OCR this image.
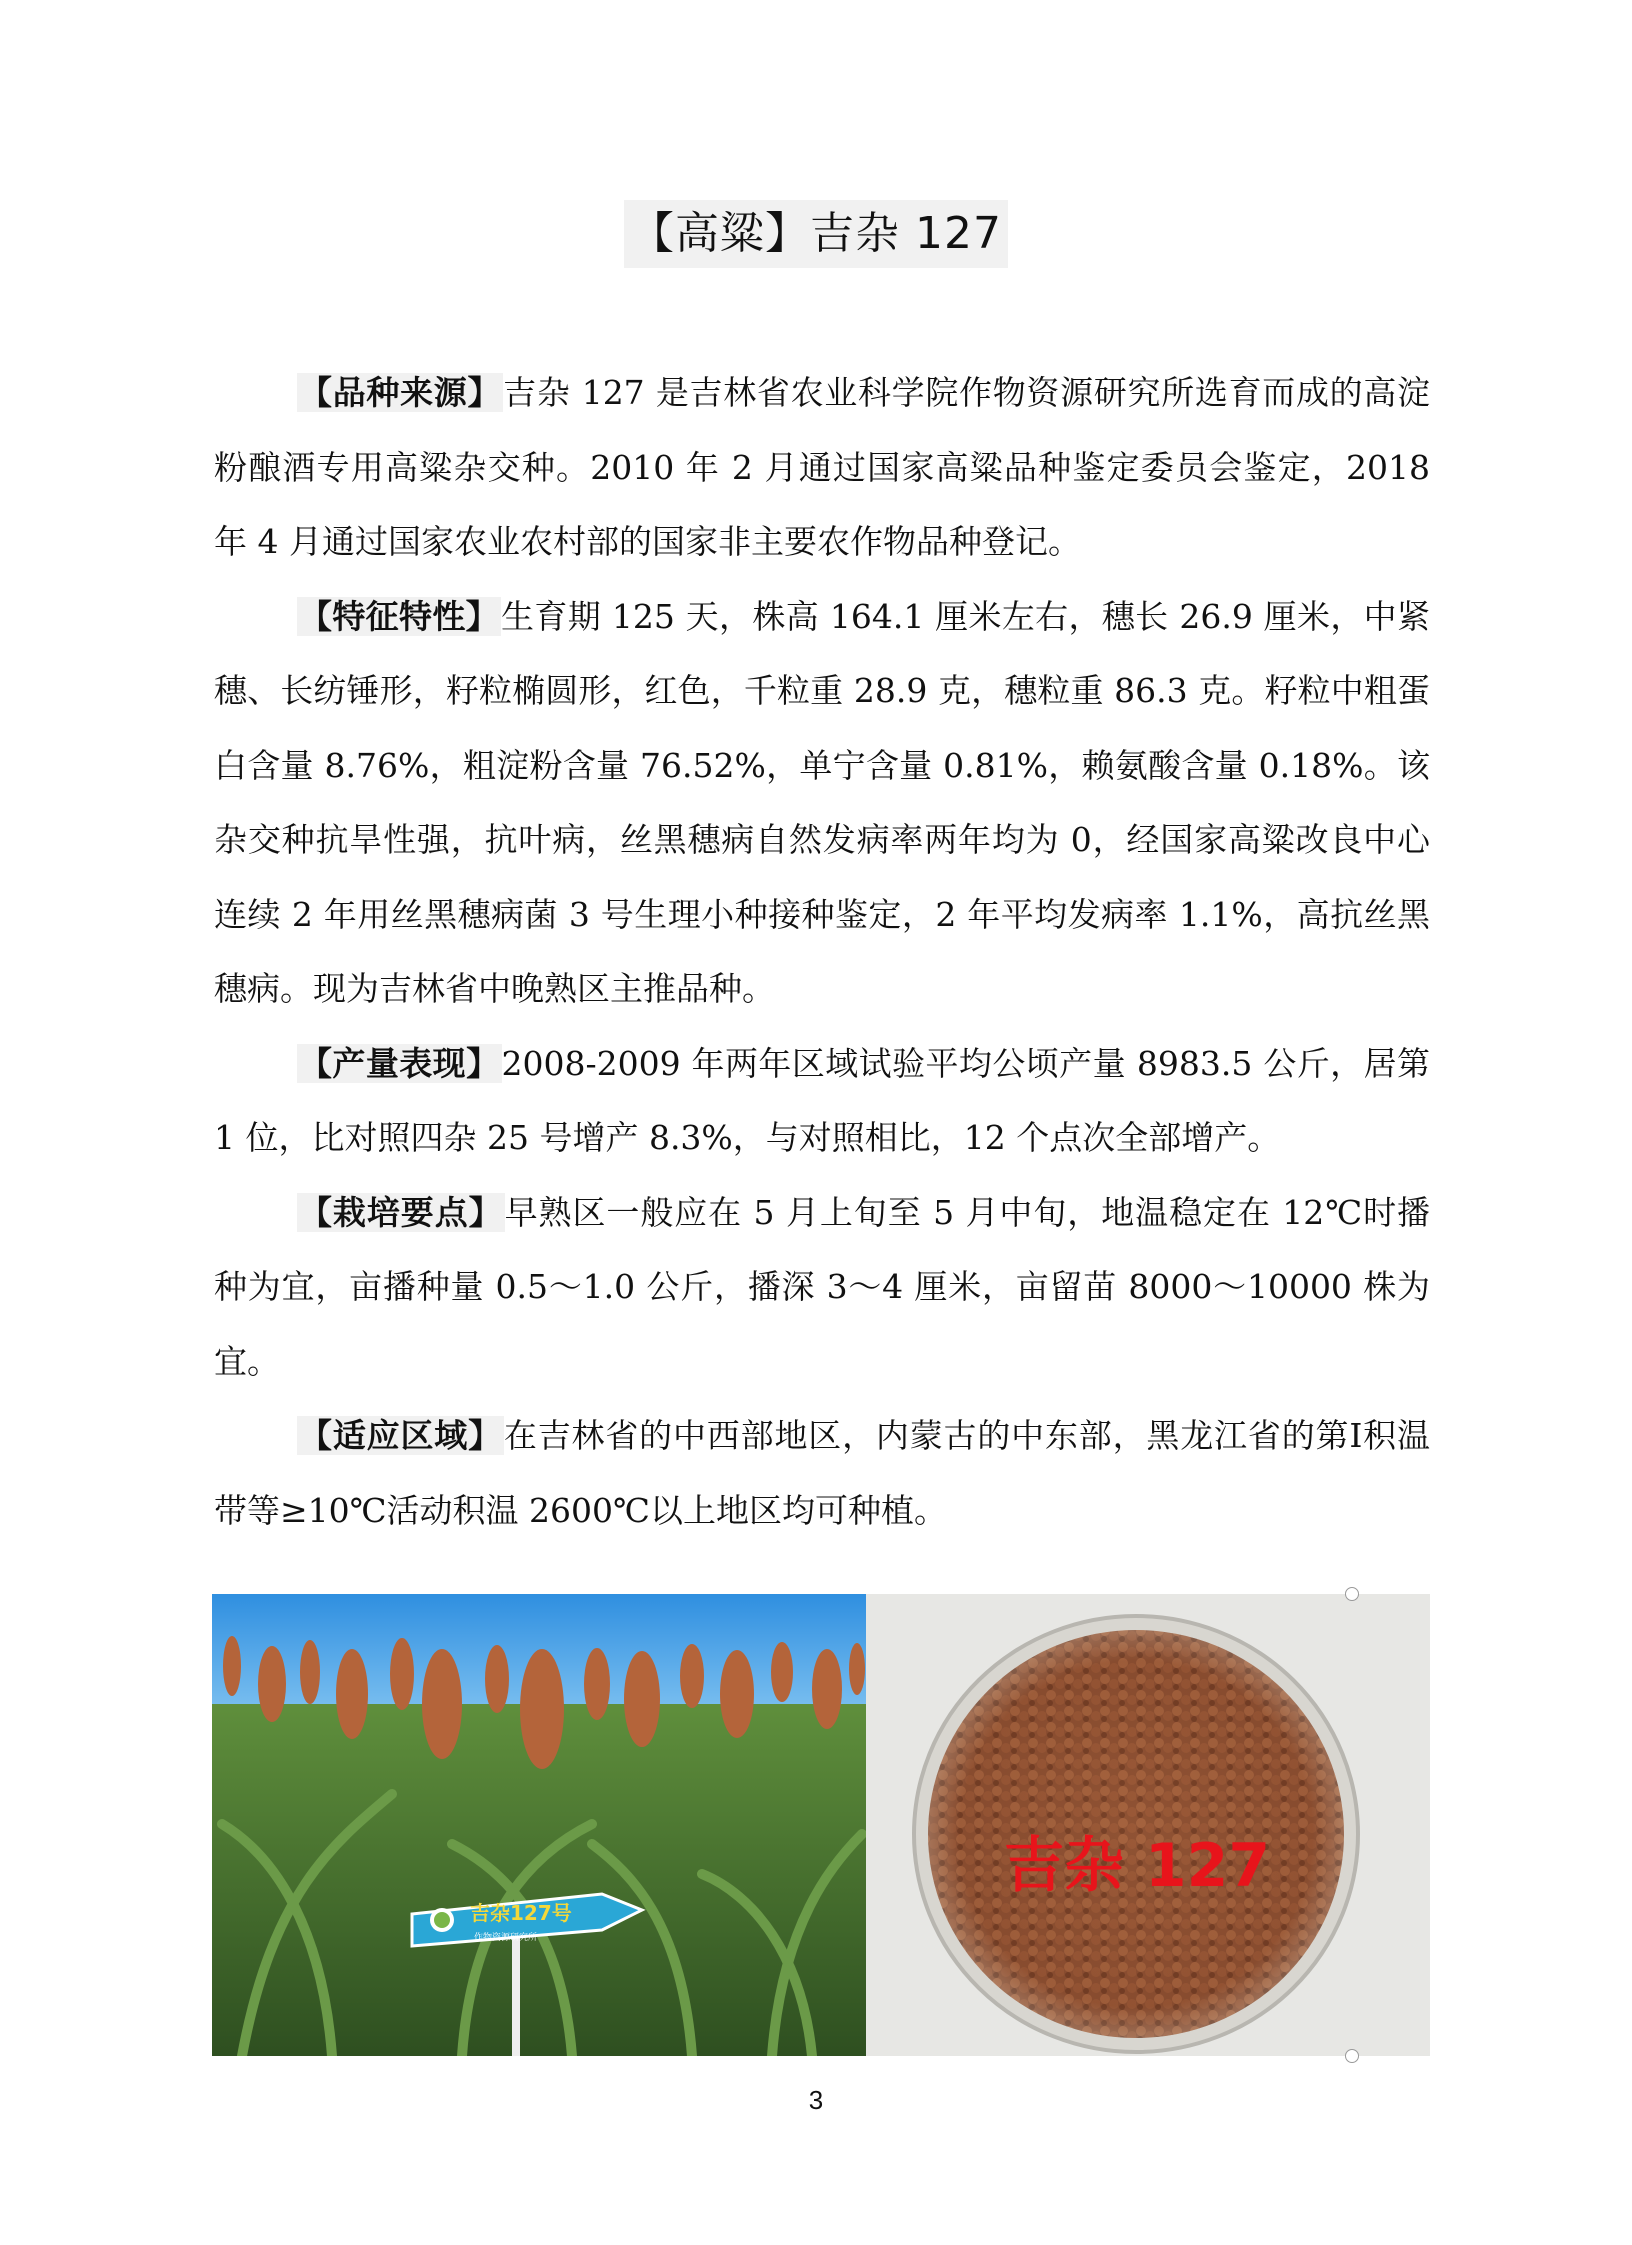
【高粱】吉杂 127

【品种来源】吉杂 127 是吉林省农业科学院作物资源研究所选育而成的高淀粉酿酒专用高粱杂交种。2010 年 2 月通过国家高粱品种鉴定委员会鉴定，2018 年 4 月通过国家农业农村部的国家非主要农作物品种登记。

【特征特性】生育期 125 天，株高 164.1 厘米左右，穗长 26.9 厘米，中紧穗、长纺锤形，籽粒椭圆形，红色，千粒重 28.9 克，穗粒重 86.3 克。籽粒中粗蛋白含量 8.76%，粗淀粉含量 76.52%，单宁含量 0.81%，赖氨酸含量 0.18%。该杂交种抗旱性强，抗叶病，丝黑穗病自然发病率两年均为 0，经国家高粱改良中心连续 2 年用丝黑穗病菌 3 号生理小种接种鉴定，2 年平均发病率 1.1%，高抗丝黑穗病。现为吉林省中晚熟区主推品种。

【产量表现】2008-2009 年两年区域试验平均公顷产量 8983.5 公斤，居第 1 位，比对照四杂 25 号增产 8.3%，与对照相比，12 个点次全部增产。

【栽培要点】早熟区一般应在 5 月上旬至 5 月中旬，地温稳定在 12℃时播种为宜，亩播种量 0.5～1.0 公斤，播深 3～4 厘米，亩留苗 8000～10000 株为宜。

【适应区域】在吉林省的中西部地区，内蒙古的中东部，黑龙江省的第Ⅰ积温带等≥10℃活动积温 2600℃以上地区均可种植。

吉杂127号
作物资源研究所
吉杂 127
3
